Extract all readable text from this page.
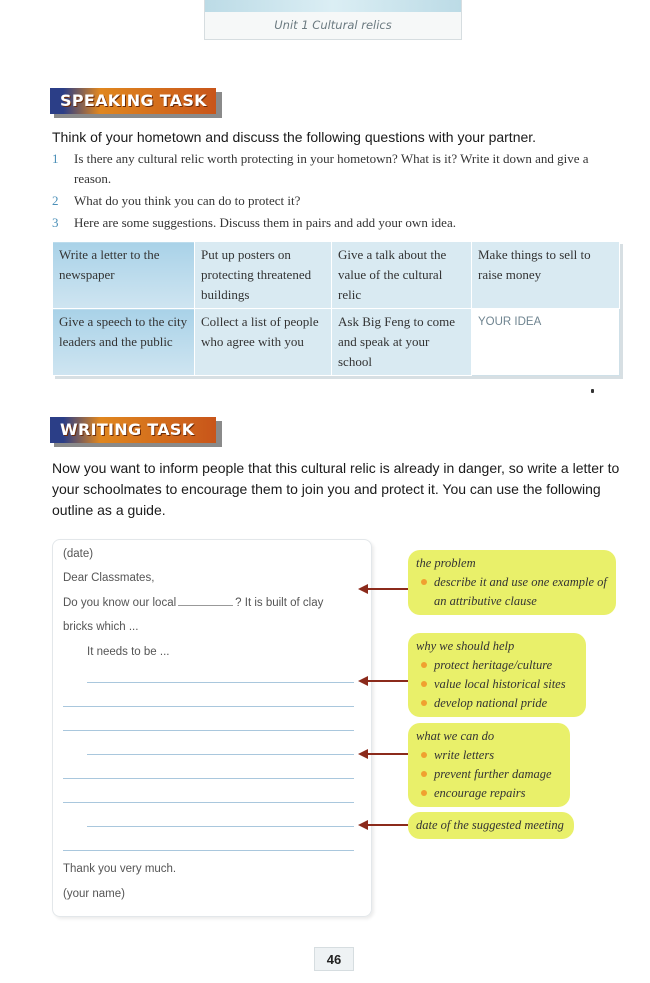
Unit 1 Cultural relics
SPEAKING TASK
Think of your hometown and discuss the following questions with your partner.
1 Is there any cultural relic worth protecting in your hometown? What is it? Write it down and give a reason.
2 What do you think you can do to protect it?
3 Here are some suggestions. Discuss them in pairs and add your own idea.
Write a letter to the newspaper	Put up posters on protecting threatened buildings	Give a talk about the value of the cultural relic	Make things to sell to raise money
Give a speech to the city leaders and the public	Collect a list of people who agree with you	Ask Big Feng to come and speak at your school	YOUR IDEA
WRITING TASK
Now you want to inform people that this cultural relic is already in danger, so write a letter to your schoolmates to encourage them to join you and protect it. You can use the following outline as a guide.
(date)
Dear Classmates,
Do you know our local	? It is built of clay
bricks which ...
It needs to be ...
Thank you very much.
(your name)
the problem
describe it and use one example of an attributive clause
why we should help
protect heritage/culture
value local historical sites
develop national pride
what we can do
write letters
prevent further damage
encourage repairs
date of the suggested meeting
46
